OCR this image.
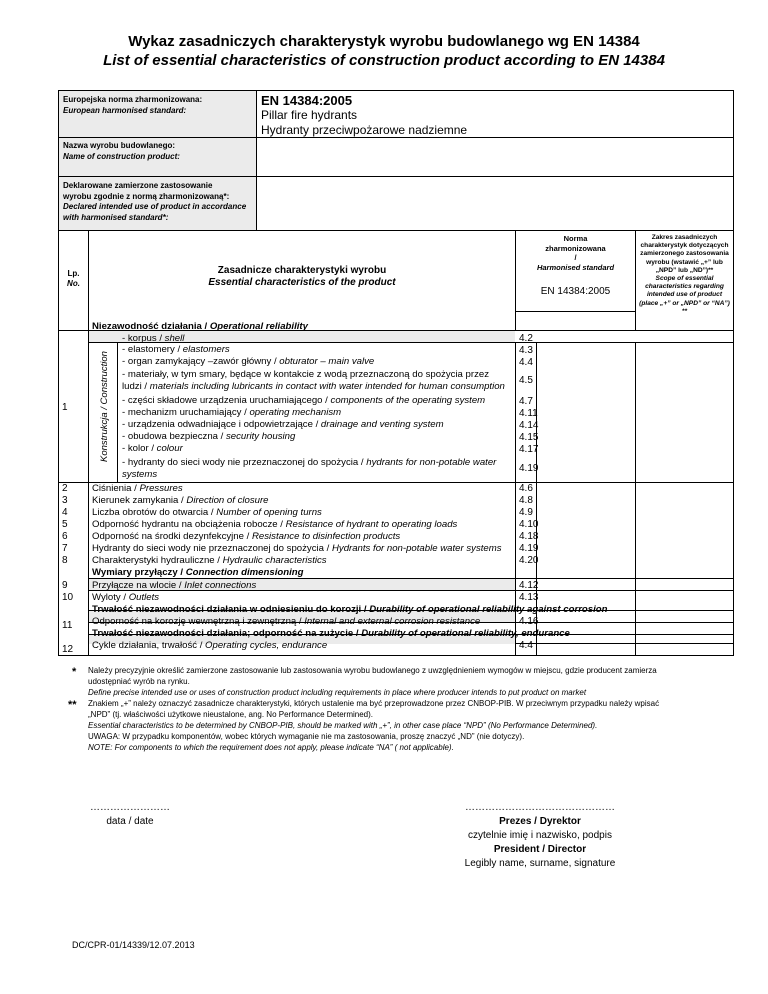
Wykaz zasadniczych charakterystyk wyrobu budowlanego wg EN 14384
List of essential characteristics of construction product according to EN 14384
Europejska norma zharmonizowana:
European harmonised standard:
EN 14384:2005
Pillar fire hydrants
Hydranty przeciwpożarowe nadziemne
Nazwa wyrobu budowlanego:
Name of construction product:
Deklarowane zamierzone zastosowanie wyrobu zgodnie z normą zharmonizowaną*:
Declared intended use of product in accordance with harmonised standard*:
Lp.
No.
Zasadnicze charakterystyki wyrobu
Essential characteristics of the product
Norma zharmonizowana
/
Harmonised standard
EN 14384:2005
Zakres zasadniczych charakterystyk dotyczących zamierzonego zastosowania wyrobu (wstawić „+” lub „NPD” lub „ND”)**
Scope of essential characteristics regarding intended use of product (place „+” or „NPD” or “NA”) **
Konstrukcja / Construction
Niezawodność działania / Operational reliability
- korpus / shell	4.2
- elastomery / elastomers	4.3
- organ zamykający –zawór główny / obturator – main valve	4.4
- materiały, w tym smary, będące w kontakcie z wodą przeznaczoną do spożycia przez
ludzi / materials including lubricants in contact with water intended for human consumption
4.5
- części składowe urządzenia uruchamiającego / components of the operating system	4.7
- mechanizm uruchamiający / operating mechanism	4.11
- urządzenia odwadniające i odpowietrzające / drainage and venting system	4.14
- obudowa bezpieczna / security housing	4.15
- kolor / colour	4.17
- hydranty do sieci wody nie przeznaczonej do spożycia / hydrants for non-potable water
systems
4.19
1
2	Ciśnienia / Pressures	4.6
3	Kierunek zamykania / Direction of closure	4.8
4	Liczba obrotów do otwarcia / Number of opening turns	4.9
5	Odporność hydrantu na obciążenia robocze / Resistance of hydrant to operating loads	4.10
6	Odporność na środki dezynfekcyjne / Resistance to disinfection products	4.18
7	Hydranty do sieci wody nie przeznaczonej do spożycia / Hydrants for non-potable water systems 4.19
8	Charakterystyki hydrauliczne / Hydraulic characteristics	4.20
Wymiary przyłączy / Connection dimensioning
9	Przyłącze na wlocie / Inlet connections	4.12
10 Wyloty / Outlets	4.13
Trwałość niezawodności działania w odniesieniu do korozji / Durability of operational reliability against corrosion
11 Odporność na korozję wewnętrzną i zewnętrzną / Internal and external corrosion resistance	4.16
Trwałość niezawodności działania; odporność na zużycie / Durability of operational reliability, endurance
12 Cykle działania, trwałość / Operating cycles, endurance	4.4
* Należy precyzyjnie określić zamierzone zastosowanie lub zastosowania wyrobu budowlanego z uwzględnieniem wymogów w miejscu, gdzie producent zamierza
udostępniać wyrób na rynku.
Define precise intended use or uses of construction product including requirements in place where producer intends to put product on market
** Znakiem „+” należy oznaczyć zasadnicze charakterystyki, których ustalenie ma być przeprowadzone przez CNBOP-PIB. W przeciwnym przypadku należy wpisać
„NPD” (tj. właściwości użytkowe nieustalone, ang. No Performance Determined).
Essential characteristics to be determined by CNBOP-PIB, should be marked with „+”, in other case place “NPD” (No Performance Determined).
UWAGA: W przypadku komponentów, wobec których wymaganie nie ma zastosowania, proszę znaczyć „ND” (nie dotyczy).
NOTE: For components to which the requirement does not apply, please indicate “NA” ( not applicable).
……………………
data / date
………………………………………
Prezes / Dyrektor
czytelnie imię i nazwisko, podpis
President / Director
Legibly name, surname, signature
DC/CPR-01/14339/12.07.2013
